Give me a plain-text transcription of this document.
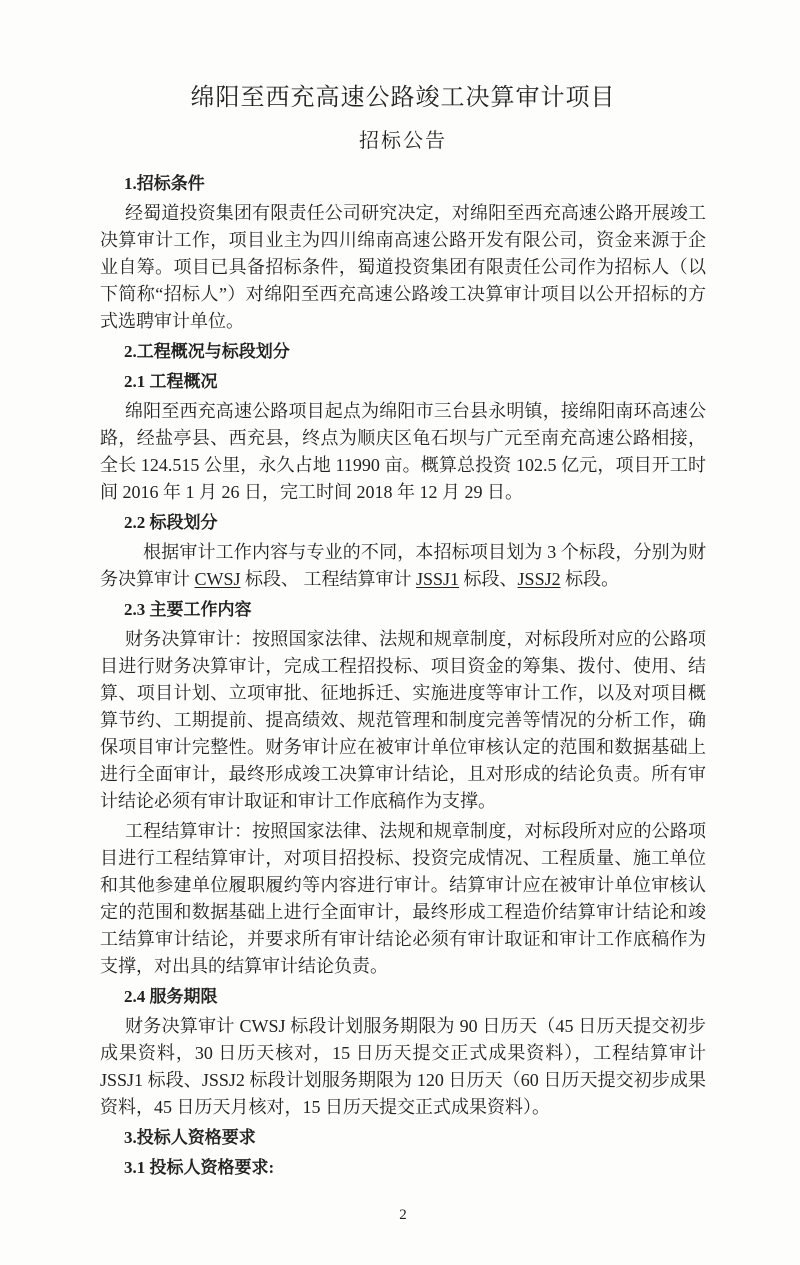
绵阳至西充高速公路竣工决算审计项目
招标公告
1.招标条件
经蜀道投资集团有限责任公司研究决定，对绵阳至西充高速公路开展竣工决算审计工作，项目业主为四川绵南高速公路开发有限公司，资金来源于企业自筹。项目已具备招标条件，蜀道投资集团有限责任公司作为招标人（以下简称“招标人”）对绵阳至西充高速公路竣工决算审计项目以公开招标的方式选聘审计单位。
2.工程概况与标段划分
2.1 工程概况
绵阳至西充高速公路项目起点为绵阳市三台县永明镇，接绵阳南环高速公路，经盐亭县、西充县，终点为顺庆区龟石坝与广元至南充高速公路相接，全长 124.515 公里，永久占地 11990 亩。概算总投资 102.5 亿元，项目开工时间 2016 年 1 月 26 日，完工时间 2018 年 12 月 29 日。
2.2 标段划分
根据审计工作内容与专业的不同，本招标项目划为 3 个标段，分别为财务决算审计 CWSJ 标段、 工程结算审计 JSSJ1 标段、JSSJ2 标段。
2.3 主要工作内容
财务决算审计：按照国家法律、法规和规章制度，对标段所对应的公路项目进行财务决算审计，完成工程招投标、项目资金的筹集、拨付、使用、结算、项目计划、立项审批、征地拆迁、实施进度等审计工作，以及对项目概算节约、工期提前、提高绩效、规范管理和制度完善等情况的分析工作，确保项目审计完整性。财务审计应在被审计单位审核认定的范围和数据基础上进行全面审计，最终形成竣工决算审计结论，且对形成的结论负责。所有审计结论必须有审计取证和审计工作底稿作为支撑。
工程结算审计：按照国家法律、法规和规章制度，对标段所对应的公路项目进行工程结算审计，对项目招投标、投资完成情况、工程质量、施工单位和其他参建单位履职履约等内容进行审计。结算审计应在被审计单位审核认定的范围和数据基础上进行全面审计，最终形成工程造价结算审计结论和竣工结算审计结论，并要求所有审计结论必须有审计取证和审计工作底稿作为支撑，对出具的结算审计结论负责。
2.4 服务期限
财务决算审计 CWSJ 标段计划服务期限为 90 日历天（45 日历天提交初步成果资料，30 日历天核对，15 日历天提交正式成果资料），工程结算审计 JSSJ1 标段、JSSJ2 标段计划服务期限为 120 日历天（60 日历天提交初步成果资料，45 日历天月核对，15 日历天提交正式成果资料）。
3.投标人资格要求
3.1 投标人资格要求:
2
